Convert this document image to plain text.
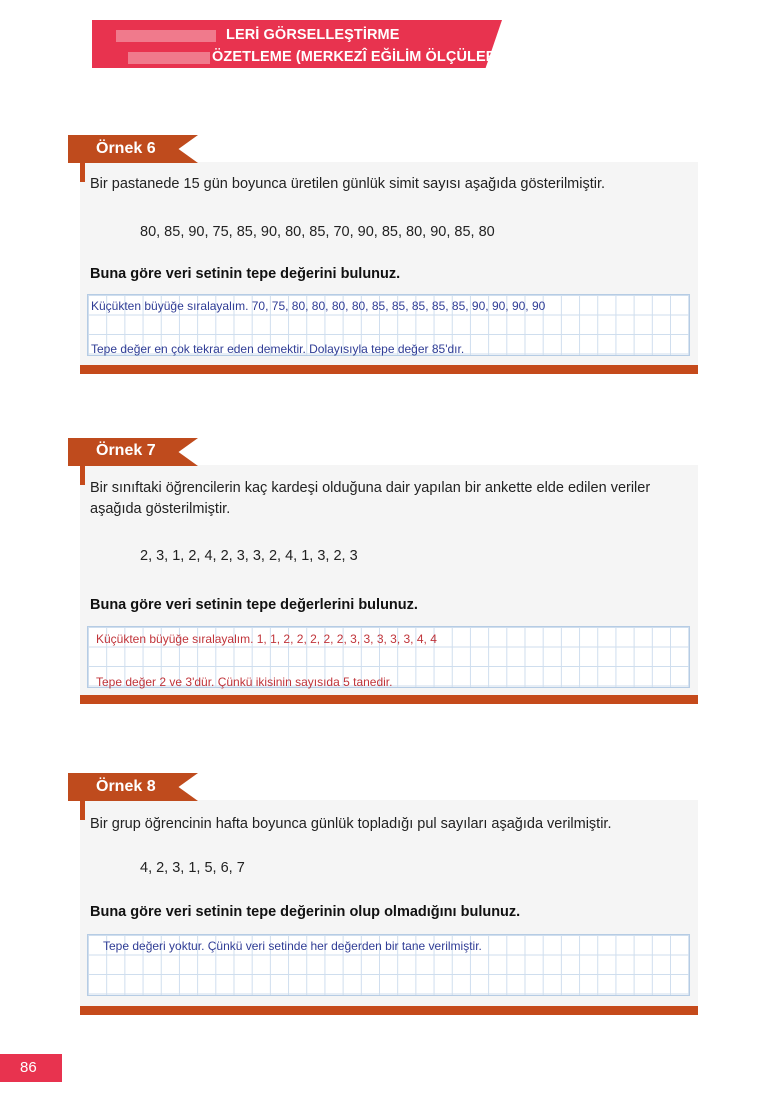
LERİ GÖRSELLEŞTİRME
ÖZETLEME (MERKEZÎ EĞİLİM ÖLÇÜLERİ)
Örnek 6
Bir pastanede 15 gün boyunca üretilen günlük simit sayısı aşağıda gösterilmiştir.
80, 85, 90, 75, 85, 90, 80, 85, 70, 90, 85, 80, 90, 85, 80
Buna göre veri setinin tepe değerini bulunuz.
Küçükten büyüğe sıralayalım. 70, 75, 80, 80, 80, 80, 85, 85, 85, 85, 85, 90, 90, 90, 90
Tepe değer en çok tekrar eden demektir. Dolayısıyla tepe değer 85'dır.
Örnek 7
Bir sınıftaki öğrencilerin kaç kardeşi olduğuna dair yapılan bir ankette elde edilen veriler aşağıda gösterilmiştir.
2, 3, 1, 2, 4, 2, 3, 3, 2, 4, 1, 3, 2, 3
Buna göre veri setinin tepe değerlerini bulunuz.
Küçükten büyüğe sıralayalım. 1, 1, 2, 2, 2, 2, 2, 3, 3, 3, 3, 3, 4, 4
Tepe değer 2 ve 3'dür. Çünkü ikisinin sayısıda 5 tanedir.
Örnek 8
Bir grup öğrencinin hafta boyunca günlük topladığı pul sayıları aşağıda verilmiştir.
4, 2, 3, 1, 5, 6, 7
Buna göre veri setinin tepe değerinin olup olmadığını bulunuz.
Tepe değeri yoktur. Çünkü veri setinde her değerden bir tane verilmiştir.
86
